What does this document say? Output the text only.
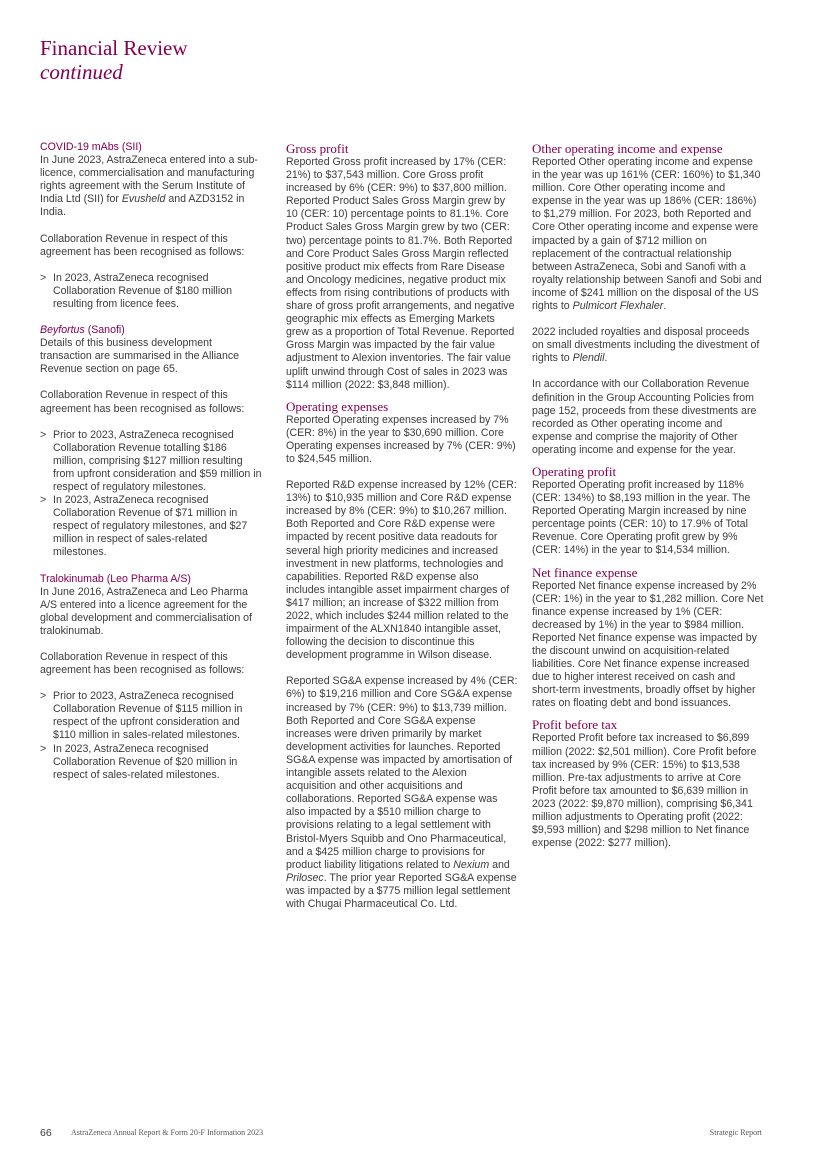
Financial Review
continued
COVID-19 mAbs (SII)

In June 2023, AstraZeneca entered into a sub-licence, commercialisation and manufacturing rights agreement with the Serum Institute of India Ltd (SII) for Evusheld and AZD3152 in India.

Collaboration Revenue in respect of this agreement has been recognised as follows:

> In 2023, AstraZeneca recognised Collaboration Revenue of $180 million resulting from licence fees.
Beyfortus (Sanofi)

Details of this business development transaction are summarised in the Alliance Revenue section on page 65.

Collaboration Revenue in respect of this agreement has been recognised as follows:

> Prior to 2023, AstraZeneca recognised Collaboration Revenue totalling $186 million, comprising $127 million resulting from upfront consideration and $59 million in respect of regulatory milestones.
> In 2023, AstraZeneca recognised Collaboration Revenue of $71 million in respect of regulatory milestones, and $27 million in respect of sales-related milestones.
Tralokinumab (Leo Pharma A/S)

In June 2016, AstraZeneca and Leo Pharma A/S entered into a licence agreement for the global development and commercialisation of tralokinumab.

Collaboration Revenue in respect of this agreement has been recognised as follows:

> Prior to 2023, AstraZeneca recognised Collaboration Revenue of $115 million in respect of the upfront consideration and $110 million in sales-related milestones.
> In 2023, AstraZeneca recognised Collaboration Revenue of $20 million in respect of sales-related milestones.
Gross profit

Reported Gross profit increased by 17% (CER: 21%) to $37,543 million. Core Gross profit increased by 6% (CER: 9%) to $37,800 million. Reported Product Sales Gross Margin grew by 10 (CER: 10) percentage points to 81.1%. Core Product Sales Gross Margin grew by two (CER: two) percentage points to 81.7%. Both Reported and Core Product Sales Gross Margin reflected positive product mix effects from Rare Disease and Oncology medicines, negative product mix effects from rising contributions of products with share of gross profit arrangements, and negative geographic mix effects as Emerging Markets grew as a proportion of Total Revenue. Reported Gross Margin was impacted by the fair value adjustment to Alexion inventories. The fair value uplift unwind through Cost of sales in 2023 was $114 million (2022: $3,848 million).

Operating expenses

Reported Operating expenses increased by 7% (CER: 8%) in the year to $30,690 million. Core Operating expenses increased by 7% (CER: 9%) to $24,545 million.

Reported R&D expense increased by 12% (CER: 13%) to $10,935 million and Core R&D expense increased by 8% (CER: 9%) to $10,267 million. Both Reported and Core R&D expense were impacted by recent positive data readouts for several high priority medicines and increased investment in new platforms, technologies and capabilities. Reported R&D expense also includes intangible asset impairment charges of $417 million; an increase of $322 million from 2022, which includes $244 million related to the impairment of the ALXN1840 intangible asset, following the decision to discontinue this development programme in Wilson disease.

Reported SG&A expense increased by 4% (CER: 6%) to $19,216 million and Core SG&A expense increased by 7% (CER: 9%) to $13,739 million. Both Reported and Core SG&A expense increases were driven primarily by market development activities for launches. Reported SG&A expense was impacted by amortisation of intangible assets related to the Alexion acquisition and other acquisitions and collaborations. Reported SG&A expense was also impacted by a $510 million charge to provisions relating to a legal settlement with Bristol-Myers Squibb and Ono Pharmaceutical, and a $425 million charge to provisions for product liability litigations related to Nexium and Prilosec. The prior year Reported SG&A expense was impacted by a $775 million legal settlement with Chugai Pharmaceutical Co. Ltd.

Other operating income and expense

Reported Other operating income and expense in the year was up 161% (CER: 160%) to $1,340 million. Core Other operating income and expense in the year was up 186% (CER: 186%) to $1,279 million. For 2023, both Reported and Core Other operating income and expense were impacted by a gain of $712 million on replacement of the contractual relationship between AstraZeneca, Sobi and Sanofi with a royalty relationship between Sanofi and Sobi and income of $241 million on the disposal of the US rights to Pulmicort Flexhaler.

2022 included royalties and disposal proceeds on small divestments including the divestment of rights to Plendil.

In accordance with our Collaboration Revenue definition in the Group Accounting Policies from page 152, proceeds from these divestments are recorded as Other operating income and expense and comprise the majority of Other operating income and expense for the year.

Operating profit

Reported Operating profit increased by 118% (CER: 134%) to $8,193 million in the year. The Reported Operating Margin increased by nine percentage points (CER: 10) to 17.9% of Total Revenue. Core Operating profit grew by 9% (CER: 14%) in the year to $14,534 million.

Net finance expense

Reported Net finance expense increased by 2% (CER: 1%) in the year to $1,282 million. Core Net finance expense increased by 1% (CER: decreased by 1%) in the year to $984 million. Reported Net finance expense was impacted by the discount unwind on acquisition-related liabilities. Core Net finance expense increased due to higher interest received on cash and short-term investments, broadly offset by higher rates on floating debt and bond issuances.

Profit before tax

Reported Profit before tax increased to $6,899 million (2022: $2,501 million). Core Profit before tax increased by 9% (CER: 15%) to $13,538 million. Pre-tax adjustments to arrive at Core Profit before tax amounted to $6,639 million in 2023 (2022: $9,870 million), comprising $6,341 million adjustments to Operating profit (2022: $9,593 million) and $298 million to Net finance expense (2022: $277 million).

66 AstraZeneca Annual Report & Form 20-F Information 2023	Strategic Report
